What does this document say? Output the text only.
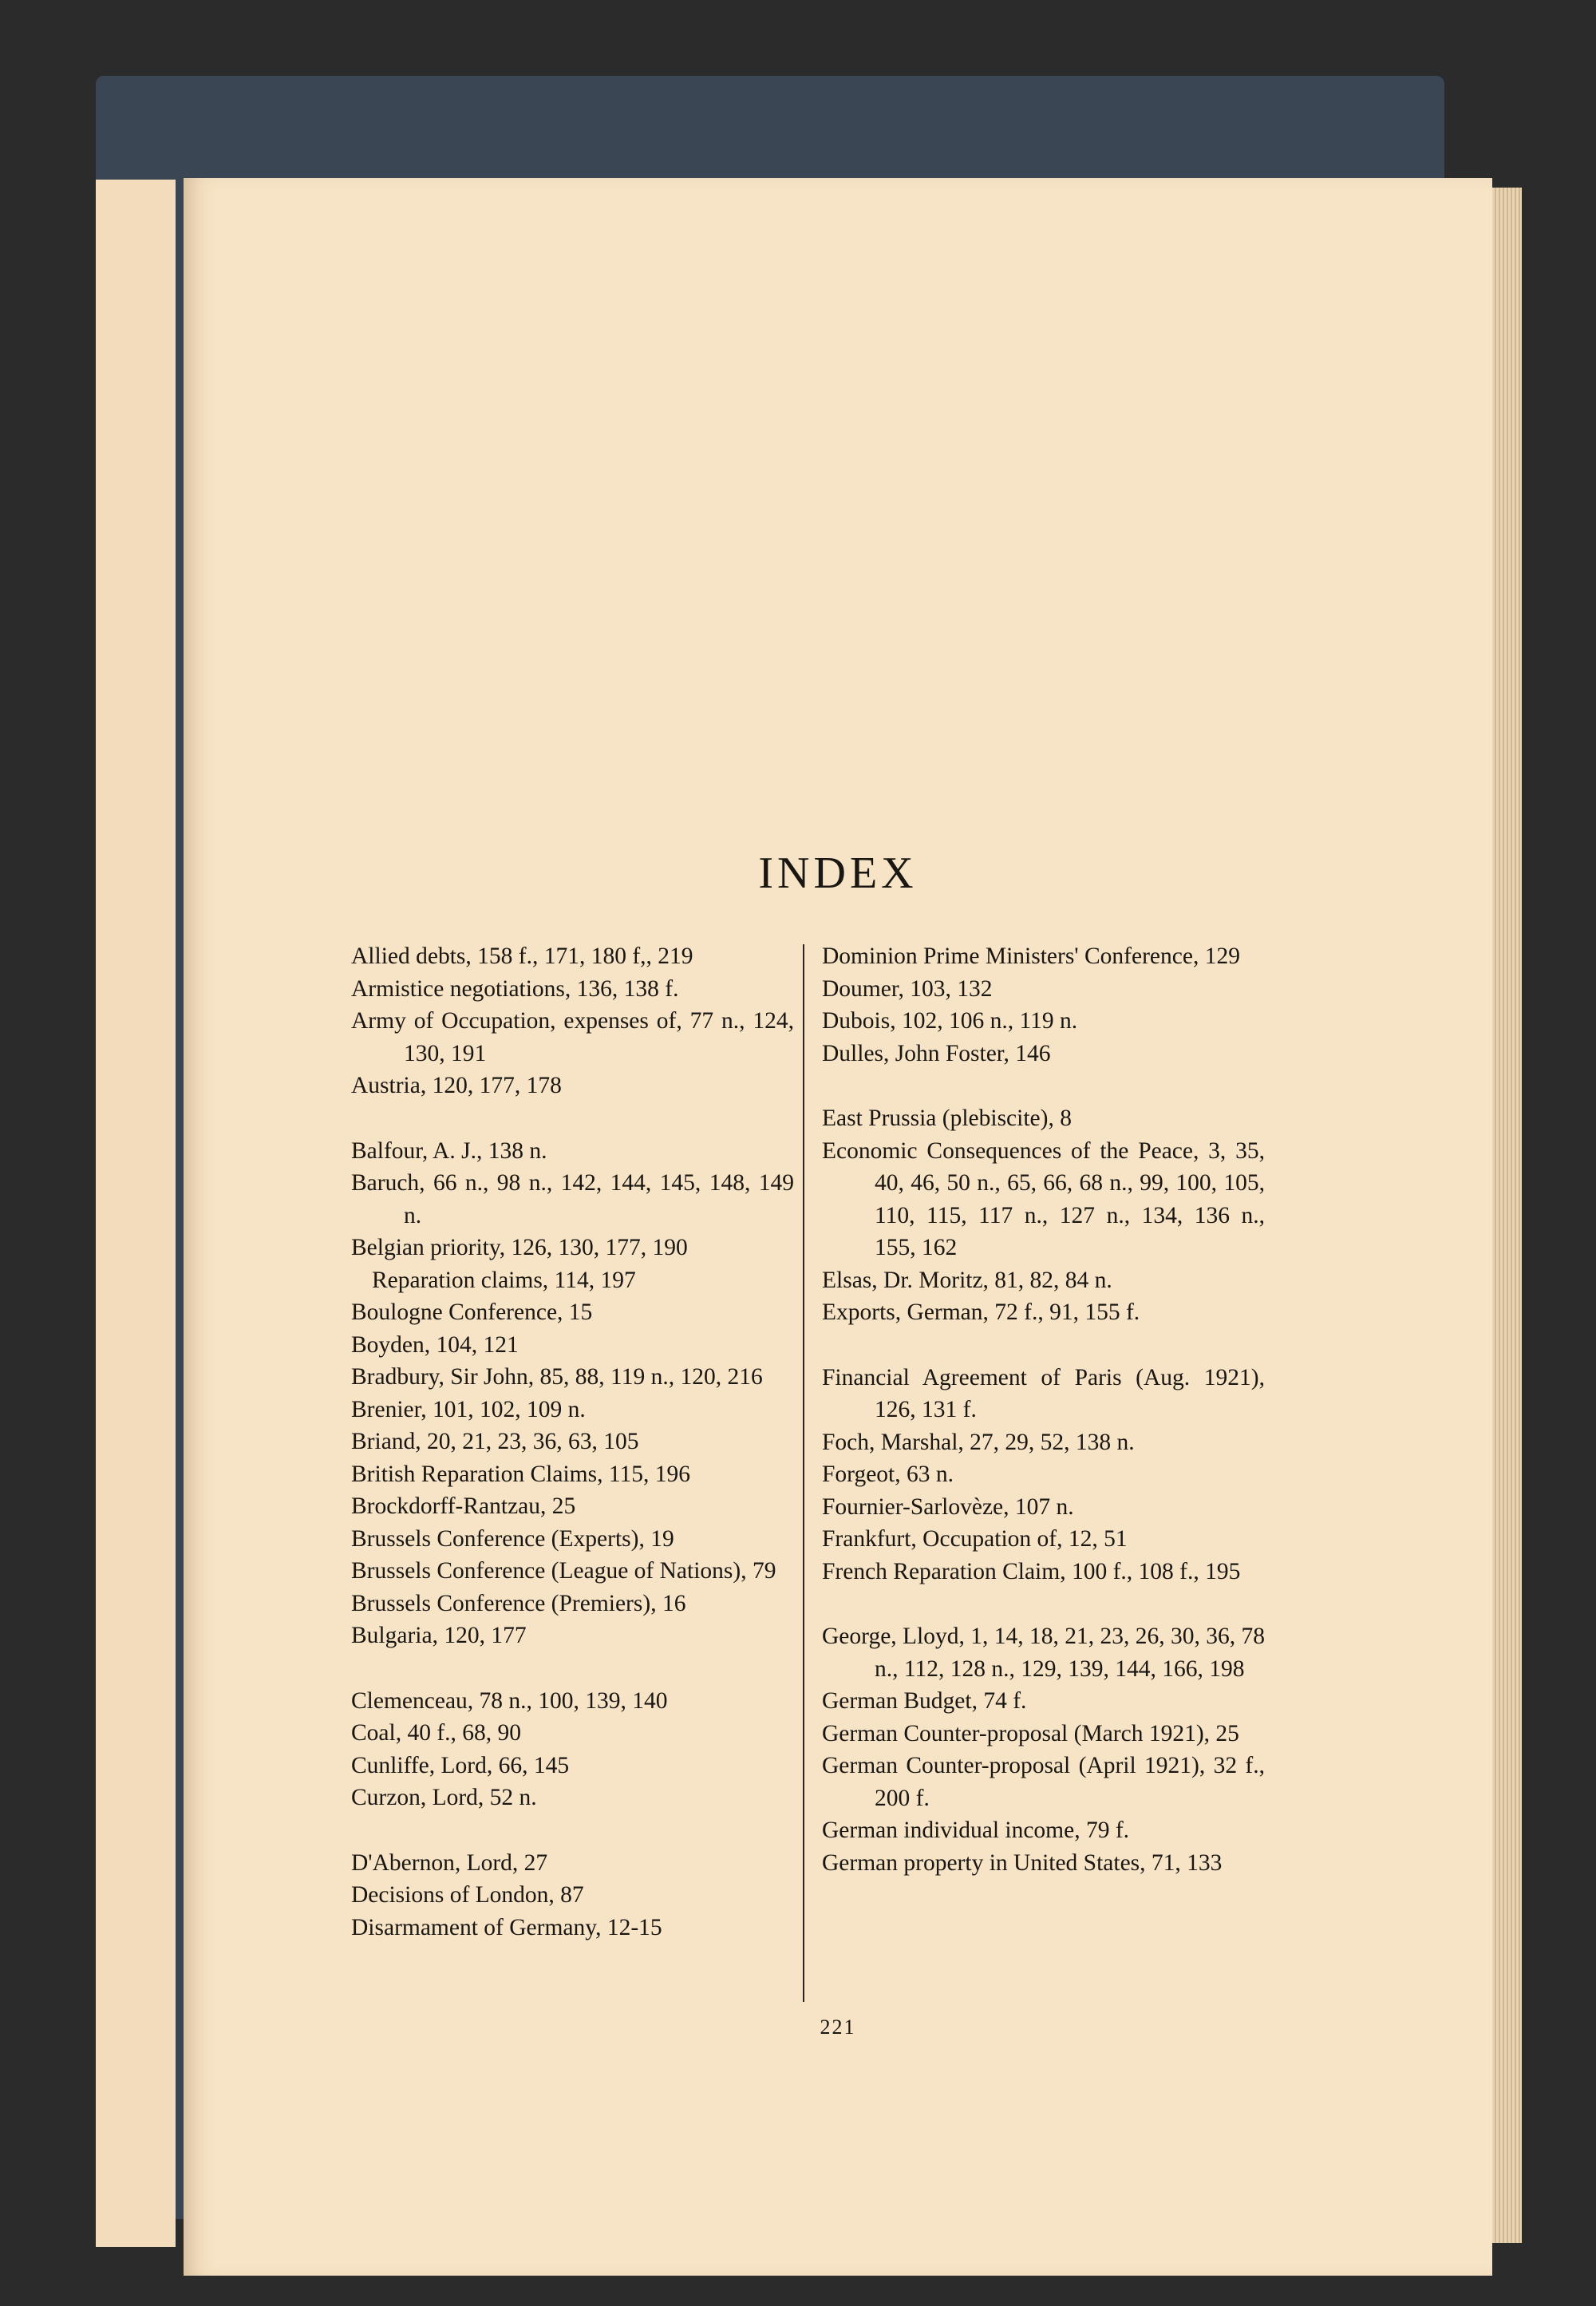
INDEX
Allied debts, 158 f., 171, 180 f,, 219
Armistice negotiations, 136, 138 f.
Army of Occupation, expenses of, 77 n., 124, 130, 191
Austria, 120, 177, 178
Balfour, A. J., 138 n.
Baruch, 66 n., 98 n., 142, 144, 145, 148, 149 n.
Belgian priority, 126, 130, 177, 190
Reparation claims, 114, 197
Boulogne Conference, 15
Boyden, 104, 121
Bradbury, Sir John, 85, 88, 119 n., 120, 216
Brenier, 101, 102, 109 n.
Briand, 20, 21, 23, 36, 63, 105
British Reparation Claims, 115, 196
Brockdorff-Rantzau, 25
Brussels Conference (Experts), 19
Brussels Conference (League of Nations), 79
Brussels Conference (Premiers), 16
Bulgaria, 120, 177
Clemenceau, 78 n., 100, 139, 140
Coal, 40 f., 68, 90
Cunliffe, Lord, 66, 145
Curzon, Lord, 52 n.
D'Abernon, Lord, 27
Decisions of London, 87
Disarmament of Germany, 12-15
Dominion Prime Ministers' Conference, 129
Doumer, 103, 132
Dubois, 102, 106 n., 119 n.
Dulles, John Foster, 146
East Prussia (plebiscite), 8
Economic Consequences of the Peace, 3, 35, 40, 46, 50 n., 65, 66, 68 n., 99, 100, 105, 110, 115, 117 n., 127 n., 134, 136 n., 155, 162
Elsas, Dr. Moritz, 81, 82, 84 n.
Exports, German, 72 f., 91, 155 f.
Financial Agreement of Paris (Aug. 1921), 126, 131 f.
Foch, Marshal, 27, 29, 52, 138 n.
Forgeot, 63 n.
Fournier-Sarlovèze, 107 n.
Frankfurt, Occupation of, 12, 51
French Reparation Claim, 100 f., 108 f., 195
George, Lloyd, 1, 14, 18, 21, 23, 26, 30, 36, 78 n., 112, 128 n., 129, 139, 144, 166, 198
German Budget, 74 f.
German Counter-proposal (March 1921), 25
German Counter-proposal (April 1921), 32 f., 200 f.
German individual income, 79 f.
German property in United States, 71, 133
221
